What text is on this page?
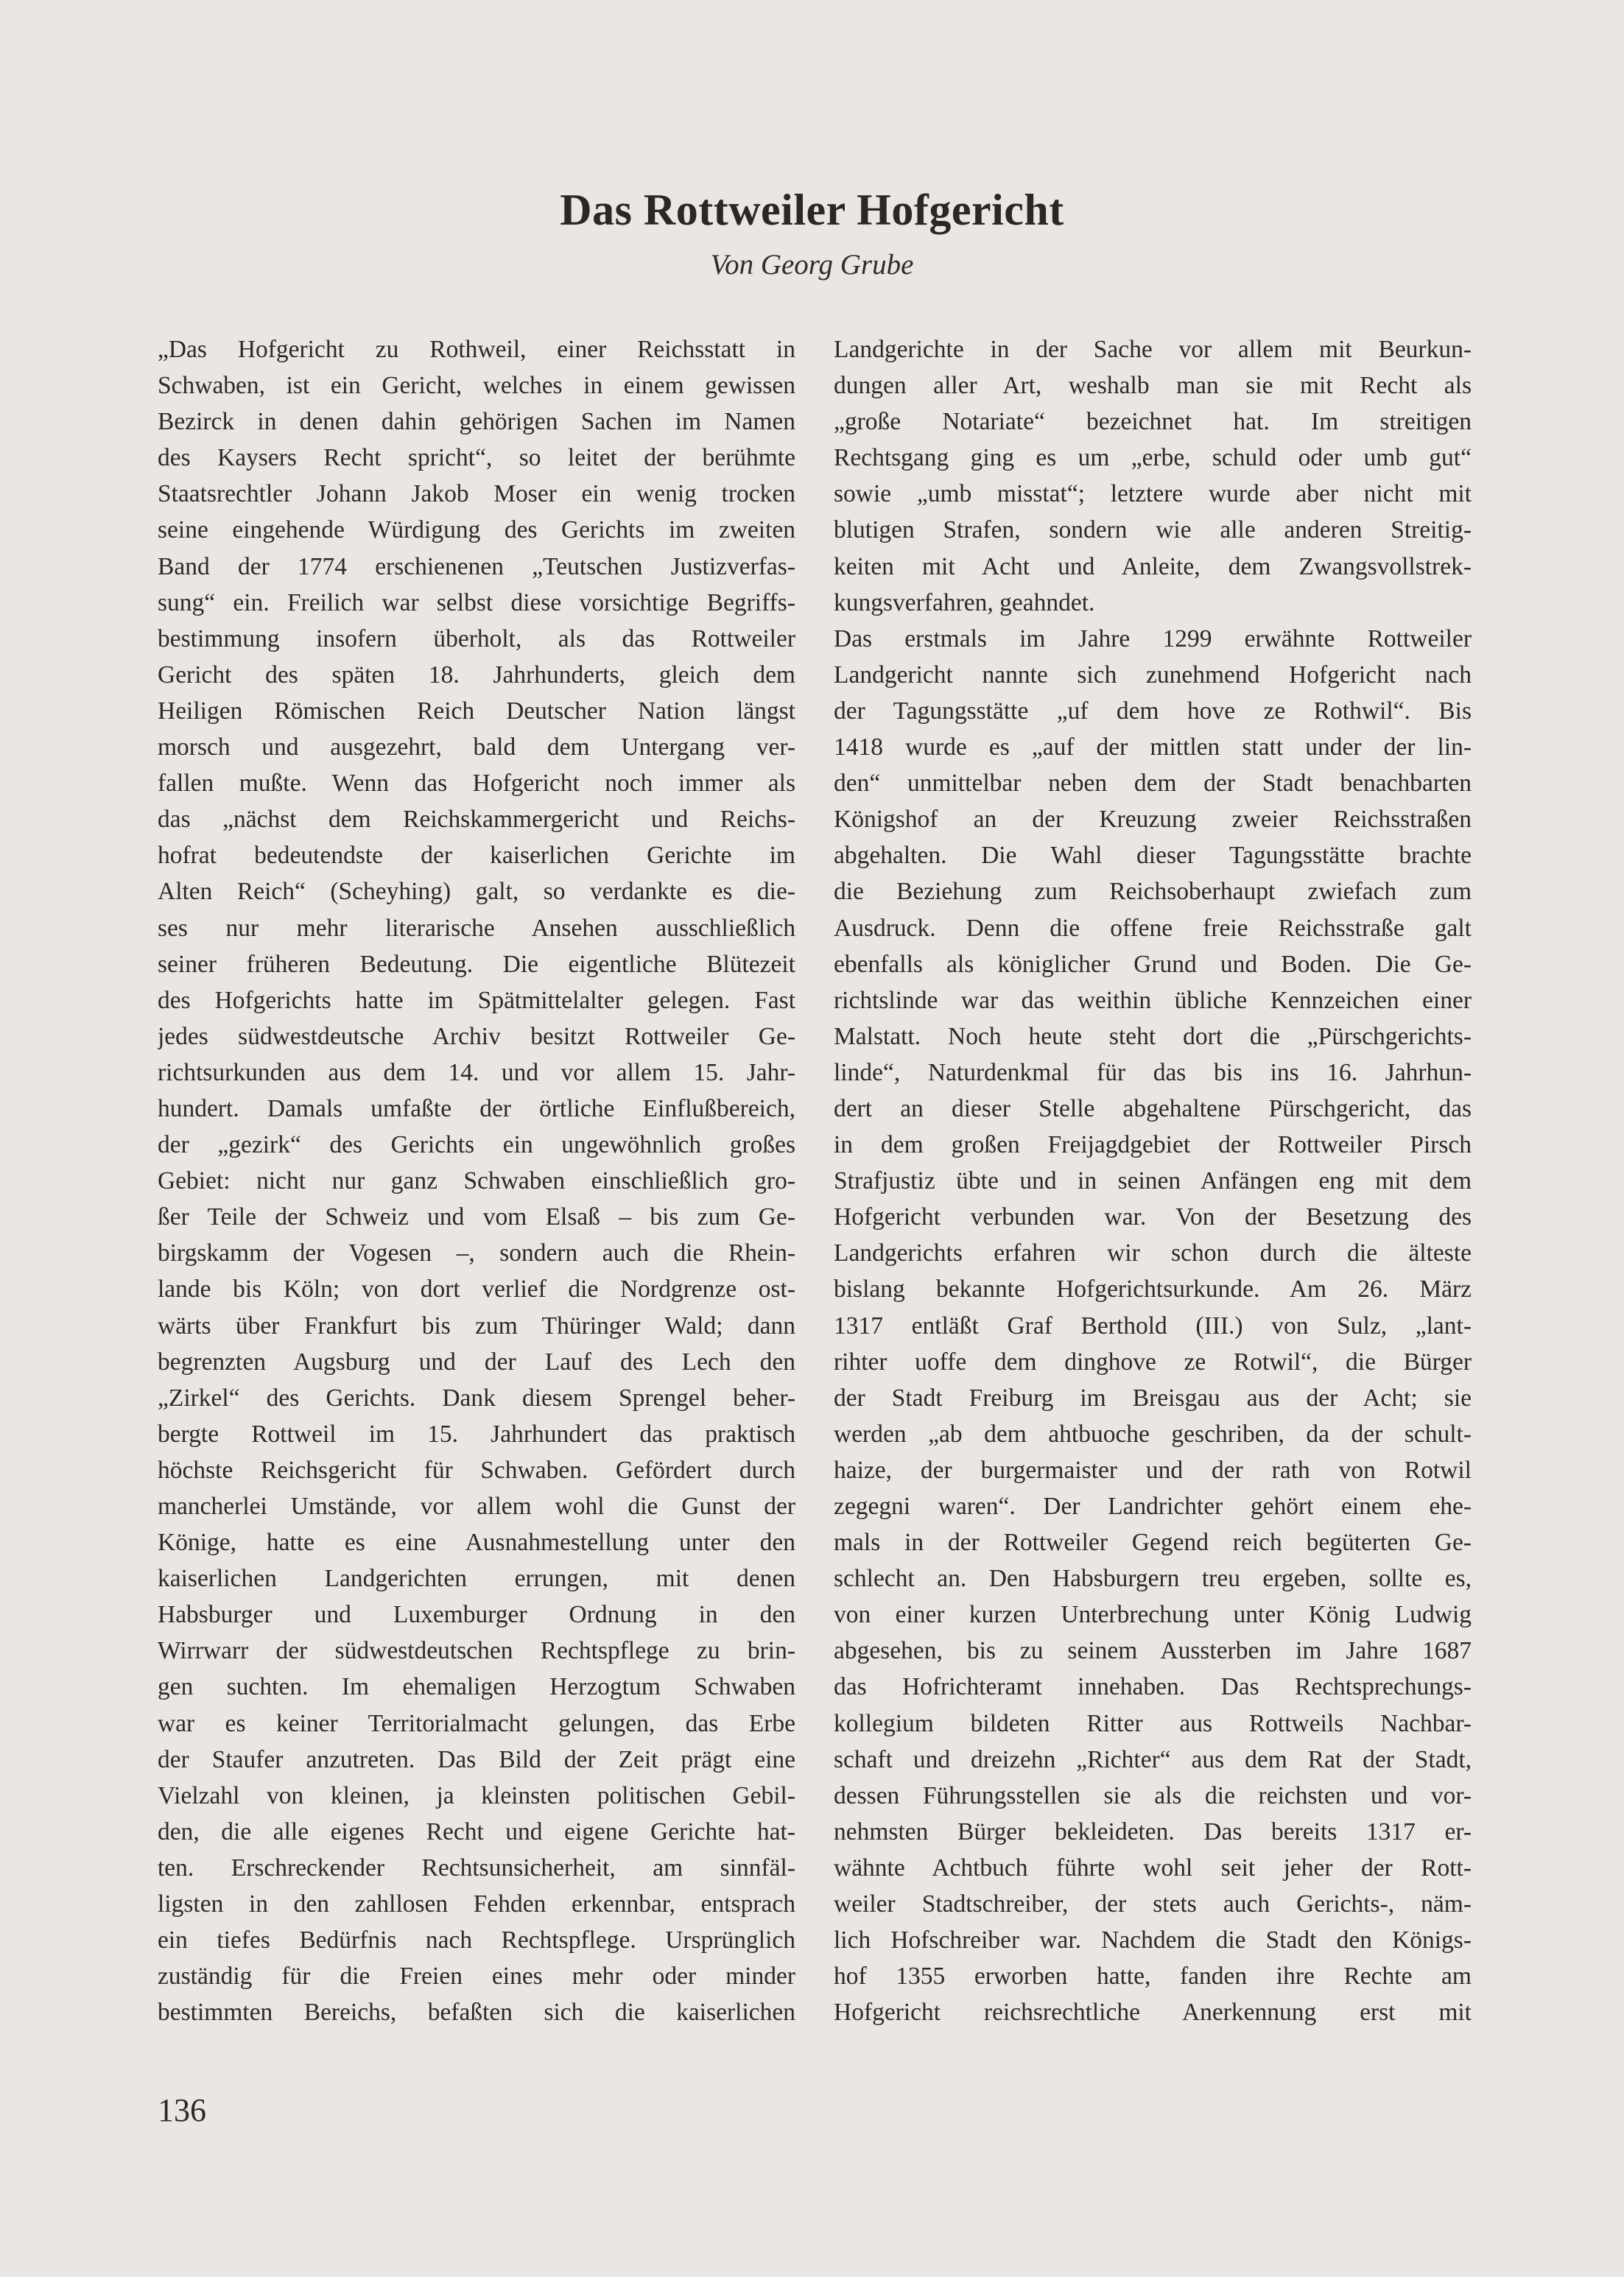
Das Rottweiler Hofgericht
Von Georg Grube
„Das Hofgericht zu Rothweil, einer Reichsstatt in
Schwaben, ist ein Gericht, welches in einem gewissen
Bezirck in denen dahin gehörigen Sachen im Namen
des Kaysers Recht spricht“, so leitet der berühmte
Staatsrechtler Johann Jakob Moser ein wenig trocken
seine eingehende Würdigung des Gerichts im zweiten
Band der 1774 erschienenen „Teutschen Justizverfas-
sung“ ein. Freilich war selbst diese vorsichtige Begriffs-
bestimmung insofern überholt, als das Rottweiler
Gericht des späten 18. Jahrhunderts, gleich dem
Heiligen Römischen Reich Deutscher Nation längst
morsch und ausgezehrt, bald dem Untergang ver-
fallen mußte. Wenn das Hofgericht noch immer als
das „nächst dem Reichskammergericht und Reichs-
hofrat bedeutendste der kaiserlichen Gerichte im
Alten Reich“ (Scheyhing) galt, so verdankte es die-
ses nur mehr literarische Ansehen ausschließlich
seiner früheren Bedeutung. Die eigentliche Blütezeit
des Hofgerichts hatte im Spätmittelalter gelegen. Fast
jedes südwestdeutsche Archiv besitzt Rottweiler Ge-
richtsurkunden aus dem 14. und vor allem 15. Jahr-
hundert. Damals umfaßte der örtliche Einflußbereich,
der „gezirk“ des Gerichts ein ungewöhnlich großes
Gebiet: nicht nur ganz Schwaben einschließlich gro-
ßer Teile der Schweiz und vom Elsaß – bis zum Ge-
birgskamm der Vogesen –, sondern auch die Rhein-
lande bis Köln; von dort verlief die Nordgrenze ost-
wärts über Frankfurt bis zum Thüringer Wald; dann
begrenzten Augsburg und der Lauf des Lech den
„Zirkel“ des Gerichts. Dank diesem Sprengel beher-
bergte Rottweil im 15. Jahrhundert das praktisch
höchste Reichsgericht für Schwaben. Gefördert durch
mancherlei Umstände, vor allem wohl die Gunst der
Könige, hatte es eine Ausnahmestellung unter den
kaiserlichen Landgerichten errungen, mit denen
Habsburger und Luxemburger Ordnung in den
Wirrwarr der südwestdeutschen Rechtspflege zu brin-
gen suchten. Im ehemaligen Herzogtum Schwaben
war es keiner Territorialmacht gelungen, das Erbe
der Staufer anzutreten. Das Bild der Zeit prägt eine
Vielzahl von kleinen, ja kleinsten politischen Gebil-
den, die alle eigenes Recht und eigene Gerichte hat-
ten. Erschreckender Rechtsunsicherheit, am sinnfäl-
ligsten in den zahllosen Fehden erkennbar, entsprach
ein tiefes Bedürfnis nach Rechtspflege. Ursprünglich
zuständig für die Freien eines mehr oder minder
bestimmten Bereichs, befaßten sich die kaiserlichen
Landgerichte in der Sache vor allem mit Beurkun-
dungen aller Art, weshalb man sie mit Recht als
„große Notariate“ bezeichnet hat. Im streitigen
Rechtsgang ging es um „erbe, schuld oder umb gut“
sowie „umb misstat“; letztere wurde aber nicht mit
blutigen Strafen, sondern wie alle anderen Streitig-
keiten mit Acht und Anleite, dem Zwangsvollstrek-
kungsverfahren, geahndet.
Das erstmals im Jahre 1299 erwähnte Rottweiler
Landgericht nannte sich zunehmend Hofgericht nach
der Tagungsstätte „uf dem hove ze Rothwil“. Bis
1418 wurde es „auf der mittlen statt under der lin-
den“ unmittelbar neben dem der Stadt benachbarten
Königshof an der Kreuzung zweier Reichsstraßen
abgehalten. Die Wahl dieser Tagungsstätte brachte
die Beziehung zum Reichsoberhaupt zwiefach zum
Ausdruck. Denn die offene freie Reichsstraße galt
ebenfalls als königlicher Grund und Boden. Die Ge-
richtslinde war das weithin übliche Kennzeichen einer
Malstatt. Noch heute steht dort die „Pürschgerichts-
linde“, Naturdenkmal für das bis ins 16. Jahrhun-
dert an dieser Stelle abgehaltene Pürschgericht, das
in dem großen Freijagdgebiet der Rottweiler Pirsch
Strafjustiz übte und in seinen Anfängen eng mit dem
Hofgericht verbunden war. Von der Besetzung des
Landgerichts erfahren wir schon durch die älteste
bislang bekannte Hofgerichtsurkunde. Am 26. März
1317 entläßt Graf Berthold (III.) von Sulz, „lant-
rihter uoffe dem dinghove ze Rotwil“, die Bürger
der Stadt Freiburg im Breisgau aus der Acht; sie
werden „ab dem ahtbuoche geschriben, da der schult-
haize, der burgermaister und der rath von Rotwil
zegegni waren“. Der Landrichter gehört einem ehe-
mals in der Rottweiler Gegend reich begüterten Ge-
schlecht an. Den Habsburgern treu ergeben, sollte es,
von einer kurzen Unterbrechung unter König Ludwig
abgesehen, bis zu seinem Aussterben im Jahre 1687
das Hofrichteramt innehaben. Das Rechtsprechungs-
kollegium bildeten Ritter aus Rottweils Nachbar-
schaft und dreizehn „Richter“ aus dem Rat der Stadt,
dessen Führungsstellen sie als die reichsten und vor-
nehmsten Bürger bekleideten. Das bereits 1317 er-
wähnte Achtbuch führte wohl seit jeher der Rott-
weiler Stadtschreiber, der stets auch Gerichts-, näm-
lich Hofschreiber war. Nachdem die Stadt den Königs-
hof 1355 erworben hatte, fanden ihre Rechte am
Hofgericht reichsrechtliche Anerkennung erst mit
136
